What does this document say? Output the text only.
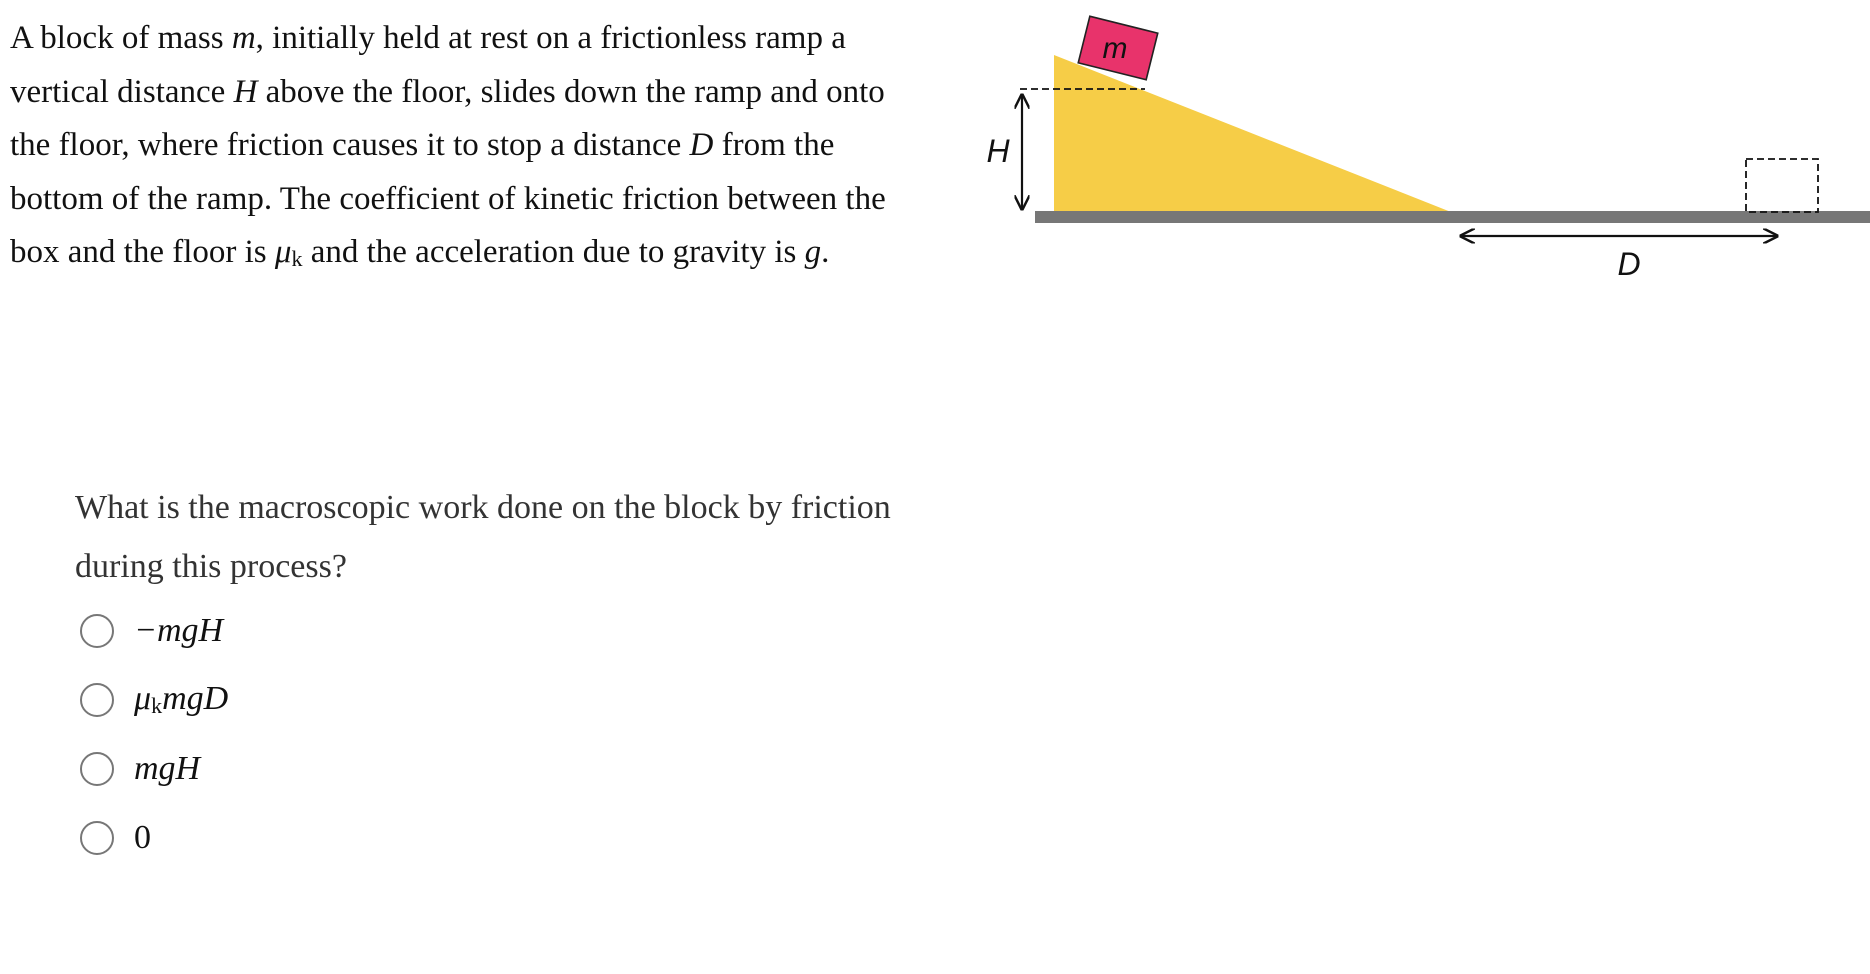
A block of mass m, initially held at rest on a frictionless ramp a vertical distance H above the floor, slides down the ramp and onto the floor, where friction causes it to stop a distance D from the bottom of the ramp. The coefficient of kinetic friction between the box and the floor is μk and the acceleration due to gravity is g.
m
H
D
What is the macroscopic work done on the block by friction during this process?
−mgH
μkmgD
mgH
0
